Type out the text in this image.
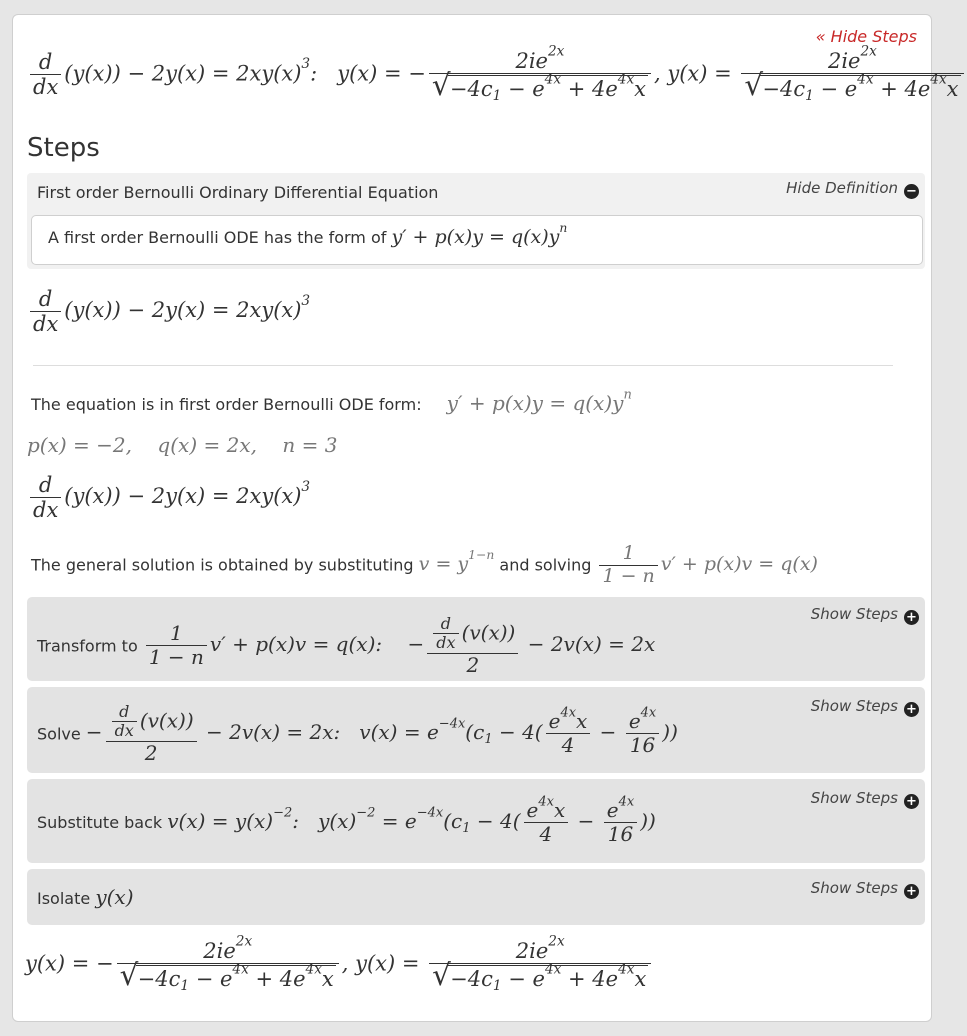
« Hide Steps
$\frac{d}{dx} (y(x)) - 2y(x) = 2xy(x)^3$:   y(x) = − $2ie^{2x}$
√ $-4c_1 - e^{4x} + 4e^{4x}x$ , $y(x) = 2ie^{2x}$
√ $-4c_1 - e^{4x} + 4e^{4x}x$
Steps
First order Bernoulli Ordinary Differential Equation	Hide Definition −
A first order Bernoulli ODE has the form of $y' + p(x)y = q(x)y^n$
$\frac{d}{dx} (y(x)) - 2y(x) = 2xy(x)^3$
The equation is in first order Bernoulli ODE form: $y' + p(x)y = q(x)y^n$
p(x) = −2,    q(x) = 2x,    n = 3
$\frac{d}{dx} (y(x)) - 2y(x) = 2xy(x)^3$
The general solution is obtained by substituting $v = y^{1-n}$ and solving $\frac{1}{1 - n} v' + p(x)v = q(x)$
Show Steps +
Transform to $\frac{1}{1 - n} v' + p(x)v = q(x)$:    − $\frac{\frac{d}{dx} (v(x))}{2} - 2v(x) = 2x$
Show Steps +
Solve − $\frac{\frac{d}{dx} (v(x))}{2} - 2v(x) = 2x$:   $v(x) = e^{-4x}(c_1 - 4( \frac{e^{4x}x}{4} - \frac{e^{4x}}{16}$ ))
Show Steps +
Substitute back $v(x) = y(x)^{-2}$:   $y(x)^{-2} = e^{-4x}(c_1 - 4( \frac{e^{4x}x}{4} - \frac{e^{4x}}{16}$ ))
Show Steps +
Isolate y(x)
y(x) = − $2ie^{2x}$
√ $-4c_1 - e^{4x} + 4e^{4x}x$ , $y(x) = 2ie^{2x}$
√ $-4c_1 - e^{4x} + 4e^{4x}x$
